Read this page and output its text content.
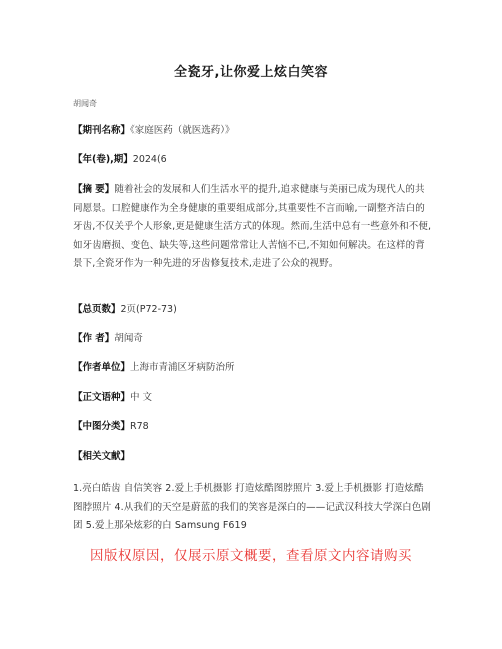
全瓷牙,让你爱上炫白笑容
胡闻奇
【期刊名称】《家庭医药（就医选药）》
【年(卷),期】2024(6
【摘 要】随着社会的发展和人们生活水平的提升,追求健康与美丽已成为现代人的共同愿景。口腔健康作为全身健康的重要组成部分,其重要性不言而喻,一副整齐洁白的牙齿,不仅关乎个人形象,更是健康生活方式的体现。然而,生活中总有一些意外和不便,如牙齿磨损、变色、缺失等,这些问题常常让人苦恼不已,不知如何解决。在这样的背景下,全瓷牙作为一种先进的牙齿修复技术,走进了公众的视野。
【总页数】2页(P72-73)
【作 者】胡闻奇
【作者单位】上海市青浦区牙病防治所
【正文语种】中 文
【中图分类】R78
【相关文献】
1.亮白皓齿 自信笑容 2.爱上手机摄影 打造炫酷图脖照片 3.爱上手机摄影 打造炫酷图脖照片 4.从我们的天空是蔚蓝的我们的笑容是深白的——记武汉科技大学深白色剧团 5.爱上那朵炫彩的白 Samsung F619
因版权原因，仅展示原文概要，查看原文内容请购买
